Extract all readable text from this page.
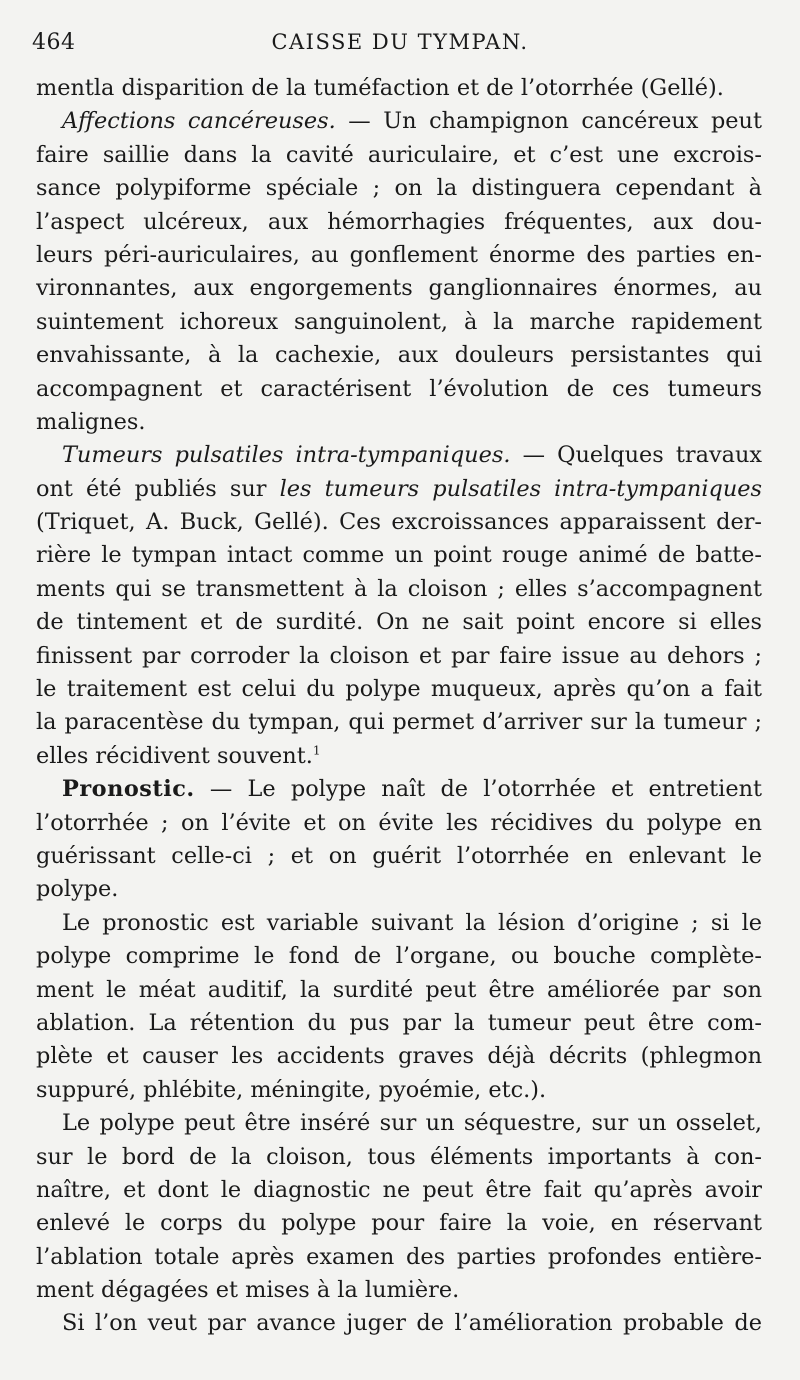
464	CAISSE DU TYMPAN.
mentla disparition de la tuméfaction et de l’otorrhée (Gellé).
Affections cancéreuses. — Un champignon cancéreux peut
faire saillie dans la cavité auriculaire, et c’est une excrois-
sance polypiforme spéciale ; on la distinguera cependant à
l’aspect ulcéreux, aux hémorrhagies fréquentes, aux dou-
leurs péri-auriculaires, au gonflement énorme des parties en-
vironnantes, aux engorgements ganglionnaires énormes, au
suintement ichoreux sanguinolent, à la marche rapidement
envahissante, à la cachexie, aux douleurs persistantes qui
accompagnent et caractérisent l’évolution de ces tumeurs
malignes.
Tumeurs pulsatiles intra-tympaniques. — Quelques travaux
ont été publiés sur les tumeurs pulsatiles intra-tympaniques
(Triquet, A. Buck, Gellé). Ces excroissances apparaissent der-
rière le tympan intact comme un point rouge animé de batte-
ments qui se transmettent à la cloison ; elles s’accompagnent
de tintement et de surdité. On ne sait point encore si elles
finissent par corroder la cloison et par faire issue au dehors ;
le traitement est celui du polype muqueux, après qu’on a fait
la paracentèse du tympan, qui permet d’arriver sur la tumeur ;
elles récidivent souvent.$^1$
Pronostic. — Le polype naît de l’otorrhée et entretient
l’otorrhée ; on l’évite et on évite les récidives du polype en
guérissant celle-ci ; et on guérit l’otorrhée en enlevant le
polype.
Le pronostic est variable suivant la lésion d’origine ; si le
polype comprime le fond de l’organe, ou bouche complète-
ment le méat auditif, la surdité peut être améliorée par son
ablation. La rétention du pus par la tumeur peut être com-
plète et causer les accidents graves déjà décrits (phlegmon
suppuré, phlébite, méningite, pyoémie, etc.).
Le polype peut être inséré sur un séquestre, sur un osselet,
sur le bord de la cloison, tous éléments importants à con-
naître, et dont le diagnostic ne peut être fait qu’après avoir
enlevé le corps du polype pour faire la voie, en réservant
l’ablation totale après examen des parties profondes entière-
ment dégagées et mises à la lumière.
Si l’on veut par avance juger de l’amélioration probable de
